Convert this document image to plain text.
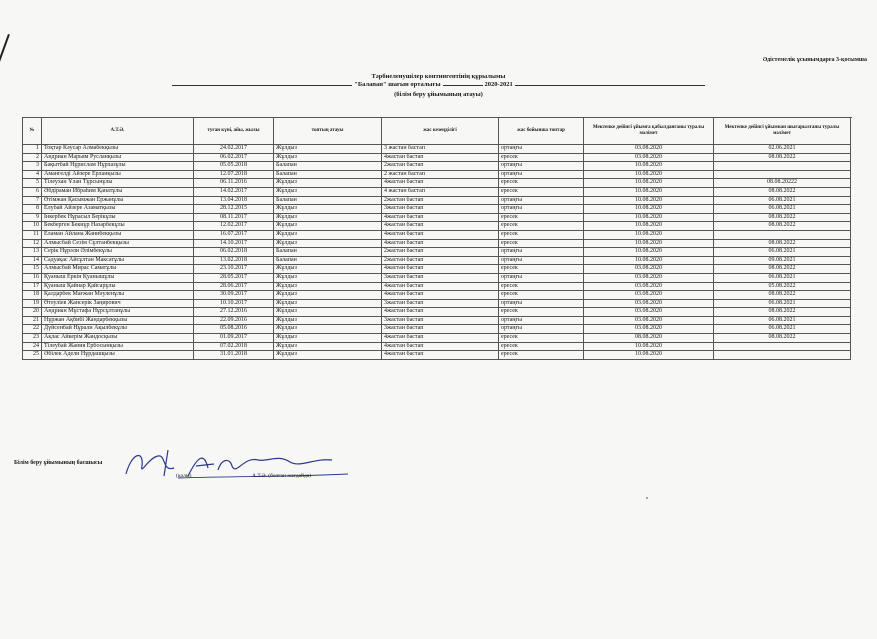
Әдістемелік ұсынымдарға 3-қосымша
Тәрбиеленушілер контингентінің құрылымы
"Балапан" шағын орталығы	2020-2021
(білім беру ұйымының атауы)
№	А.Т.Ә.	туған күні, айы, жылы	топтың атауы	жас кезеңділігі	жас бойынша топтар	Мектепке дейінгі ұйымға қабылданғаны туралы мәлімет	Мектепке дейінгі ұйымнан шығарылғаны туралы мәлімет	
1	Тоқтар Кәусар Алмабекқызы	24.02.2017	Жұлдыз	3 жастан бастап	ортаңғы	03.08.2020	02.06.2021	
2	Андриан Марьям Русланқызы	06.02.2017	Жұлдыз	4жастан бастап	ересек	03.08.2020	08.08.2022	
3	Бақытбай Нұрислам Нұрлазұлы	05.05.2018	Балапан	2жастан бастап	ортаңғы	10.08.2020		
4	Амангелді Айзере Ерланқызы	12.07.2018	Балапан	2 жастан бастап	ортаңғы	10.08.2020		
5	Тілеухан Ұлан Тұрсынұлы	06.11.2016	Жұлдыз	4жастан бастап	ересек	10.08.2020	08.08.20222	
6	Әбдіраман Ибраһим Қанатұлы	14.02.2017	Жұлдыз	4 жастан бастап	ересек	10.08.2020	08.08.2022	
7	Өтімжан Қасымжан Ержанұлы	13.04.2018	Балапан	2жастан бастап	ортаңғы	10.08.2020	06.08.2021	
8	Елубай Айзере Азаматқызы	28.12.2015	Жұлдыз	3жастан бастап	ортаңғы	10.08.2020	06.08.2021	
9	Інкербек Нұрасыл Берікұлы	08.11.2017	Жұлдыз	4жастан бастап	ересек	10.08.2020	08.08.2022	
10	Бекберген Бекнұр Назарбекұлы	12.02.2017	Жұлдыз	4жастан бастап	ересек	10.08.2020	08.08.2022	
11	Еламан Айлана Жанибекқызы	16.07.2017	Жұлдыз	4жастан бастап	ересек	10.08.2020		
12	Алмысбай Сезім Сұлтанбекқызы	14.10.2017	Жұлдыз	4жастан бастап	ересек	10.08.2020	08.08.2022	
13	Серік Нұрәли Әлімбекұлы	06.02.2018	Балапан	2жастан бастап	ортаңғы	10.08.2020	06.08.2021	
14	Садуақас Айсұлтан Максатұлы	13.02.2018	Балапан	2жастан бастап	ортаңғы	10.08.2020	09.08.2021	
15	Алмысбай Мирас Саматұлы	23.10.2017	Жұлдыз	4жастан бастап	ересек	03.08.2020	08.08.2022	
16	Қуаныш Еркін Қуанышұлы	28.05.2017	Жұлдыз	3жастан бастап	ортаңғы	03.08.2020	06.08.2021	
17	Қуаныш Қайнар Қайсарұлы	28.06.2017	Жұлдыз	4жастан бастап	ересек	03.08.2020	05.08.2022	
18	Қалдарбек Мағжан Мәуленұлы	30.09.2017	Жұлдыз	4жастан бастап	ересек	03.08.2020	08.08.2022	
19	Өтеуліев Жансерік Заңирович	10.10.2017	Жұлдыз	3жастан бастап	ортаңғы	03.08.2020	06.08.2021	
20	Андриан Мұстафа Нұрсұлтанұлы	27.12.2016	Жұлдыз	4жастан бастап	ересек	03.08.2020	08.08.2022	
21	Нұржан Ақбибі Жандарбекқызы	22.09.2016	Жұлдыз	3жастан бастап	ортаңғы	03.08.2020	06.08.2021	
22	Дүйсенбай Нұрали Ақылбекұлы	05.08.2016	Жұлдыз	3жастан бастап	ортаңғы	03.08.2020	06.08.2021	
23	Ақлас Айкерім Жандосқызы	01.09.2017	Жұлдыз	4жастан бастап	ересек	08.08.2020	08.08.2022	
24	Тілеубай Жания Ербосынқызы	07.02.2018	Жұлдыз	4жастан бастап	ересек	10.08.2020		
25	Әбілек Адели Нұрдашқызы	31.01.2018	Жұлдыз	4жастан бастап	ересек	10.08.2020		
Білім беру ұйымының басшысы
(қолы)	А.Т.Ә. (болған жағдайда)
